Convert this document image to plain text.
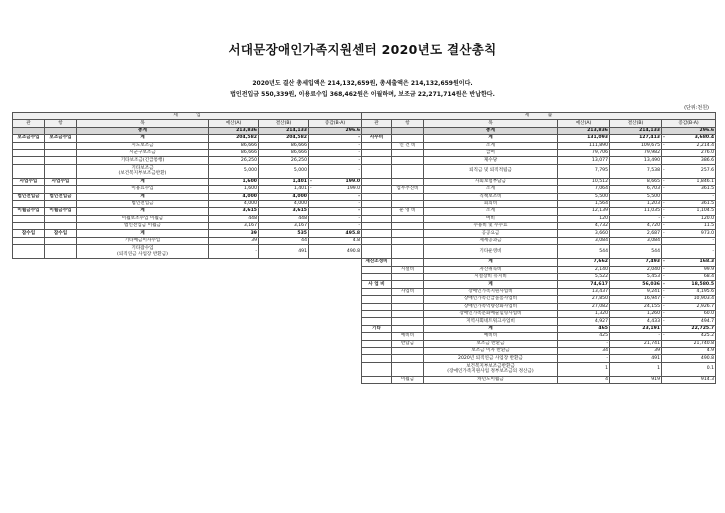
서대문장애인가족지원센터 2020년도 결산총칙
2020년도 결산 총세입액은 214,132,659원, 총세출액은 214,132,659원이다.
법인전입금 550,339원, 이용료수입 368,462원은 이월하며, 보조금 22,271,714원은 반납한다.
(단위:천원)
세　　　　입					
관	항	목	예산(A)	결산(B)	증감(B-A)
		총계	213,836	214,133	296.6
보조금수입	보조금수입	계	204,582	204,582	-
		시도보조금	86,666	86,666	-
		시군구보조금	86,666	86,666	-
		기타보조금(긴급통행)	26,250	26,250	-
		기타보조금
(보건복지부보조금반환)	5,000	5,000	-
사업수입	사업수입	계	1,600	1,401	- 199.0
		이용료수입	1,600	1,401	- 199.0
법인전입금	법인전입금	계	4,000	4,000	-
		법인전입금	4,000	4,000	-
이월금수입	이월금수입	계	3,615	3,615	-
		이월보조수입 이월금	448	448	-
		법인전입금 이월금	3,167	3,167	-
잡수입	잡수입	계	39	535	495.8
		기타예금이자수입	39	44	4.8
		기타잡수입
(퇴직연금 사업장 반환금)	-	491	490.8
세　　　　출					
관	항	목	예산(A)	결산(B)	증감(B-A)
		총계	213,836	214,133	296.6
사무비		계	131,093	127,413	- 3,680.4
	인 건 비	소계	111,890	109,675	- 2,214.4
		급여	79,706	79,982	276.0
		제수당	13,077	13,490	386.6
		퇴직금 및 퇴직적립금	7,795	7,538	- 257.6
		사회보험부담금	10,512	8,665	- 1,846.1
	업무추진비	소계	7,064	6,703	- 361.5
		직책보조비	5,500	5,500	-
		회의비	1,564	1,203	- 361.5
	운 영 비	소계	12,139	11,035	- 1,104.5
		여비	120	-	- 120.0
		수용비 및 수수료	4,732	4,720	- 11.5
		공공요금	3,660	2,687	- 973.0
		제세공과금	3,084	3,084	-
		기타운영비	544	544	-
재산조성비		계	7,662	7,493	- 168.3
	시설비	자산취득비	2,140	2,040	- 99.9
		시설장비 유지비	5,522	5,453	- 68.4
사 업 비		계	74,617	56,036	- 18,580.5
	사업비	장애인가족지원사업비	13,437	9,241	- 4,195.6
		장애인가족긴급돌봄사업비	27,850	16,947	- 10,903.4
		장애인가족역량강화사업비	27,082	24,155	- 2,926.7
		장애인가족문화예술힐링사업비	1,320	1,260	- 60.0
		지역사회네트워크사업비	4,927	4,433	- 494.7
기타		계	465	23,191	22,725.7
	예비비	예비비	425	-	- 425.2
	반납금	보조금 반환금	-	21,741	21,740.8
		보조금 이자 반환금	34	39	4.9
		2020년 퇴직연금 사업장 반환금	-	491	490.8
		보건복지부보조금반환금
(장애인가족지원사업 정부보조금의 정산금)	1	1	0.1
	이월금	차년도이월금	4	919	914.3
